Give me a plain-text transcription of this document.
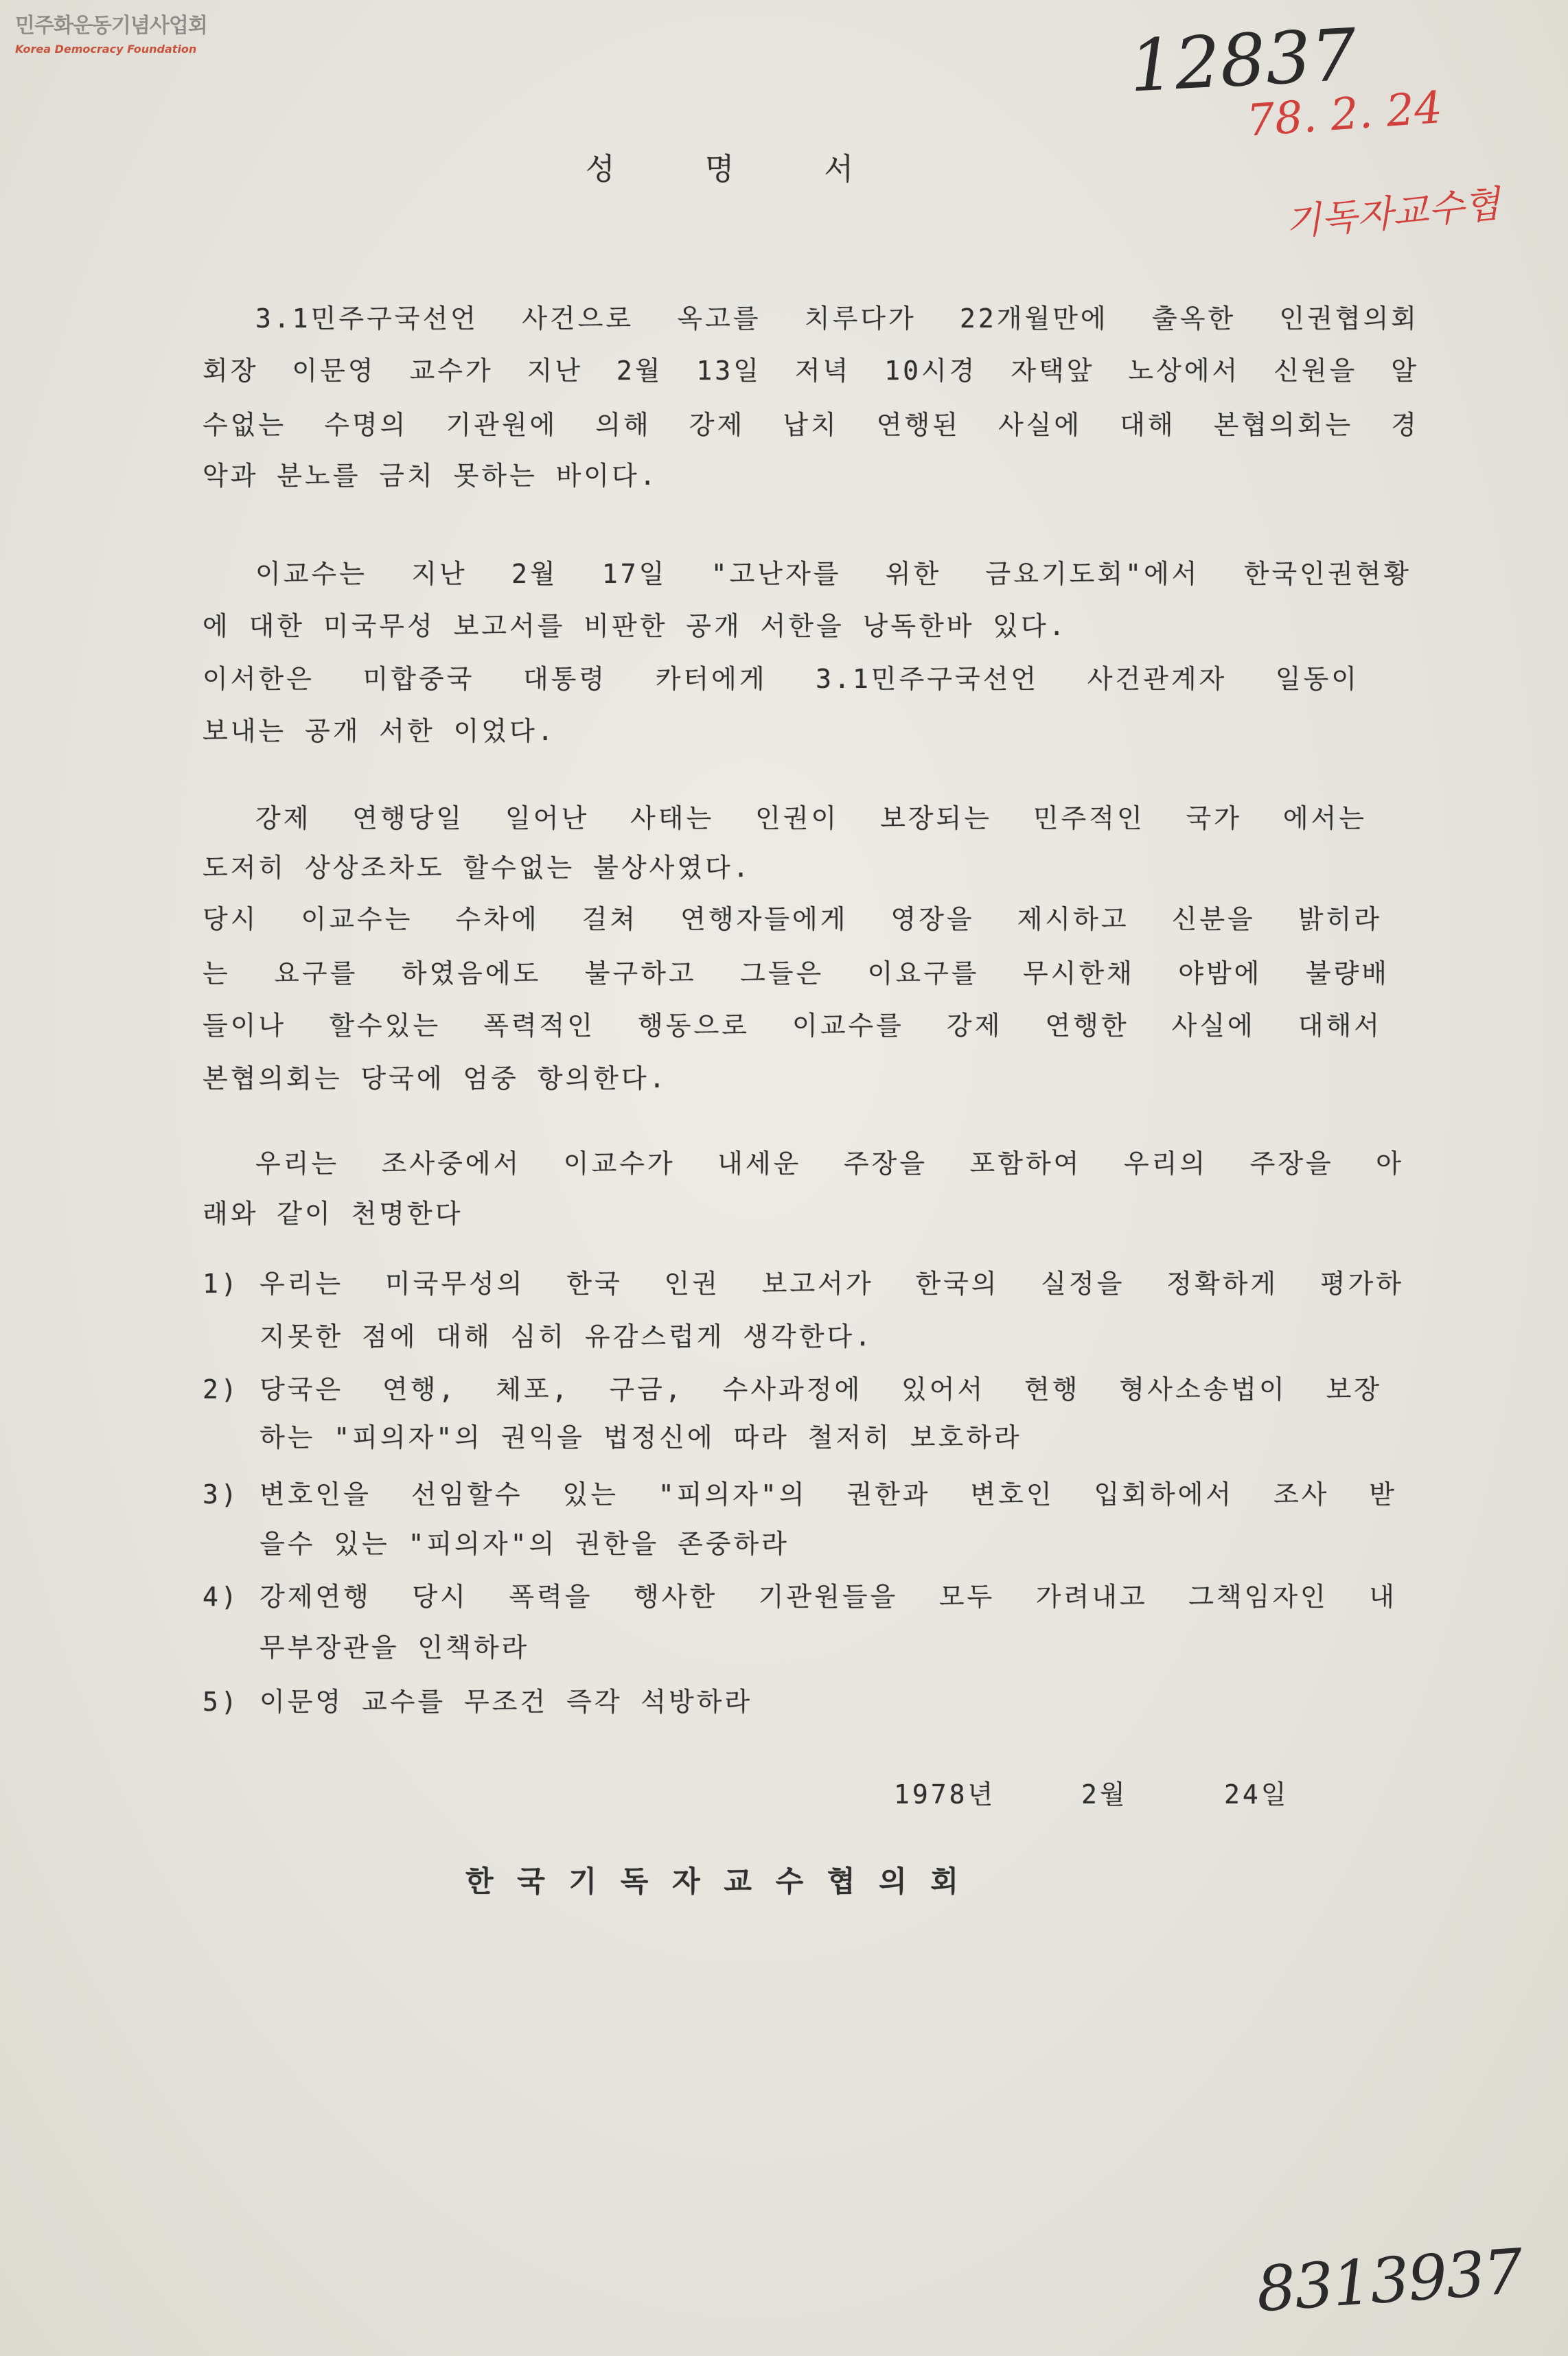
민주화운동기념사업회
Korea Democracy Foundation	12837
78. 2. 24
기독자교수협
8313937
성 명 서
3.1민주구국선언 사건으로 옥고를 치루다가 22개월만에 출옥한 인권협의회
회장 이문영 교수가 지난 2월 13일 저녁 10시경 자택앞 노상에서 신원을 알
수없는 수명의 기관원에 의해 강제 납치 연행된 사실에 대해 본협의회는 경
악과 분노를 금치 못하는 바이다.
이교수는 지난 2월 17일 "고난자를 위한 금요기도회"에서 한국인권현황
에 대한 미국무성 보고서를 비판한 공개 서한을 낭독한바 있다.
이서한은 미합중국 대통령 카터에게 3.1민주구국선언 사건관계자 일동이
보내는 공개 서한 이었다.
강제 연행당일 일어난 사태는 인권이 보장되는 민주적인 국가 에서는
도저히 상상조차도 할수없는 불상사였다.
당시 이교수는 수차에 걸쳐 연행자들에게 영장을 제시하고 신분을 밝히라
는 요구를 하였음에도 불구하고 그들은 이요구를 무시한채 야밤에 불량배
들이나 할수있는 폭력적인 행동으로 이교수를 강제 연행한 사실에 대해서
본협의회는 당국에 엄중 항의한다.
우리는 조사중에서 이교수가 내세운 주장을 포함하여 우리의 주장을 아
래와 같이 천명한다
1) 우리는 미국무성의 한국 인권 보고서가 한국의 실정을 정확하게 평가하
지못한 점에 대해 심히 유감스럽게 생각한다.
2) 당국은 연행, 체포, 구금, 수사과정에 있어서 현행 형사소송법이 보장
하는 "피의자"의 권익을 법정신에 따라 철저히 보호하라
3) 변호인을 선임할수 있는 "피의자"의 권한과 변호인 입회하에서 조사 받
을수 있는 "피의자"의 권한을 존중하라
4) 강제연행 당시 폭력을 행사한 기관원들을 모두 가려내고 그책임자인 내
무부장관을 인책하라
5) 이문영 교수를 무조건 즉각 석방하라
1978년	2월	24일
한 국 기 독 자 교 수 협 의 회
